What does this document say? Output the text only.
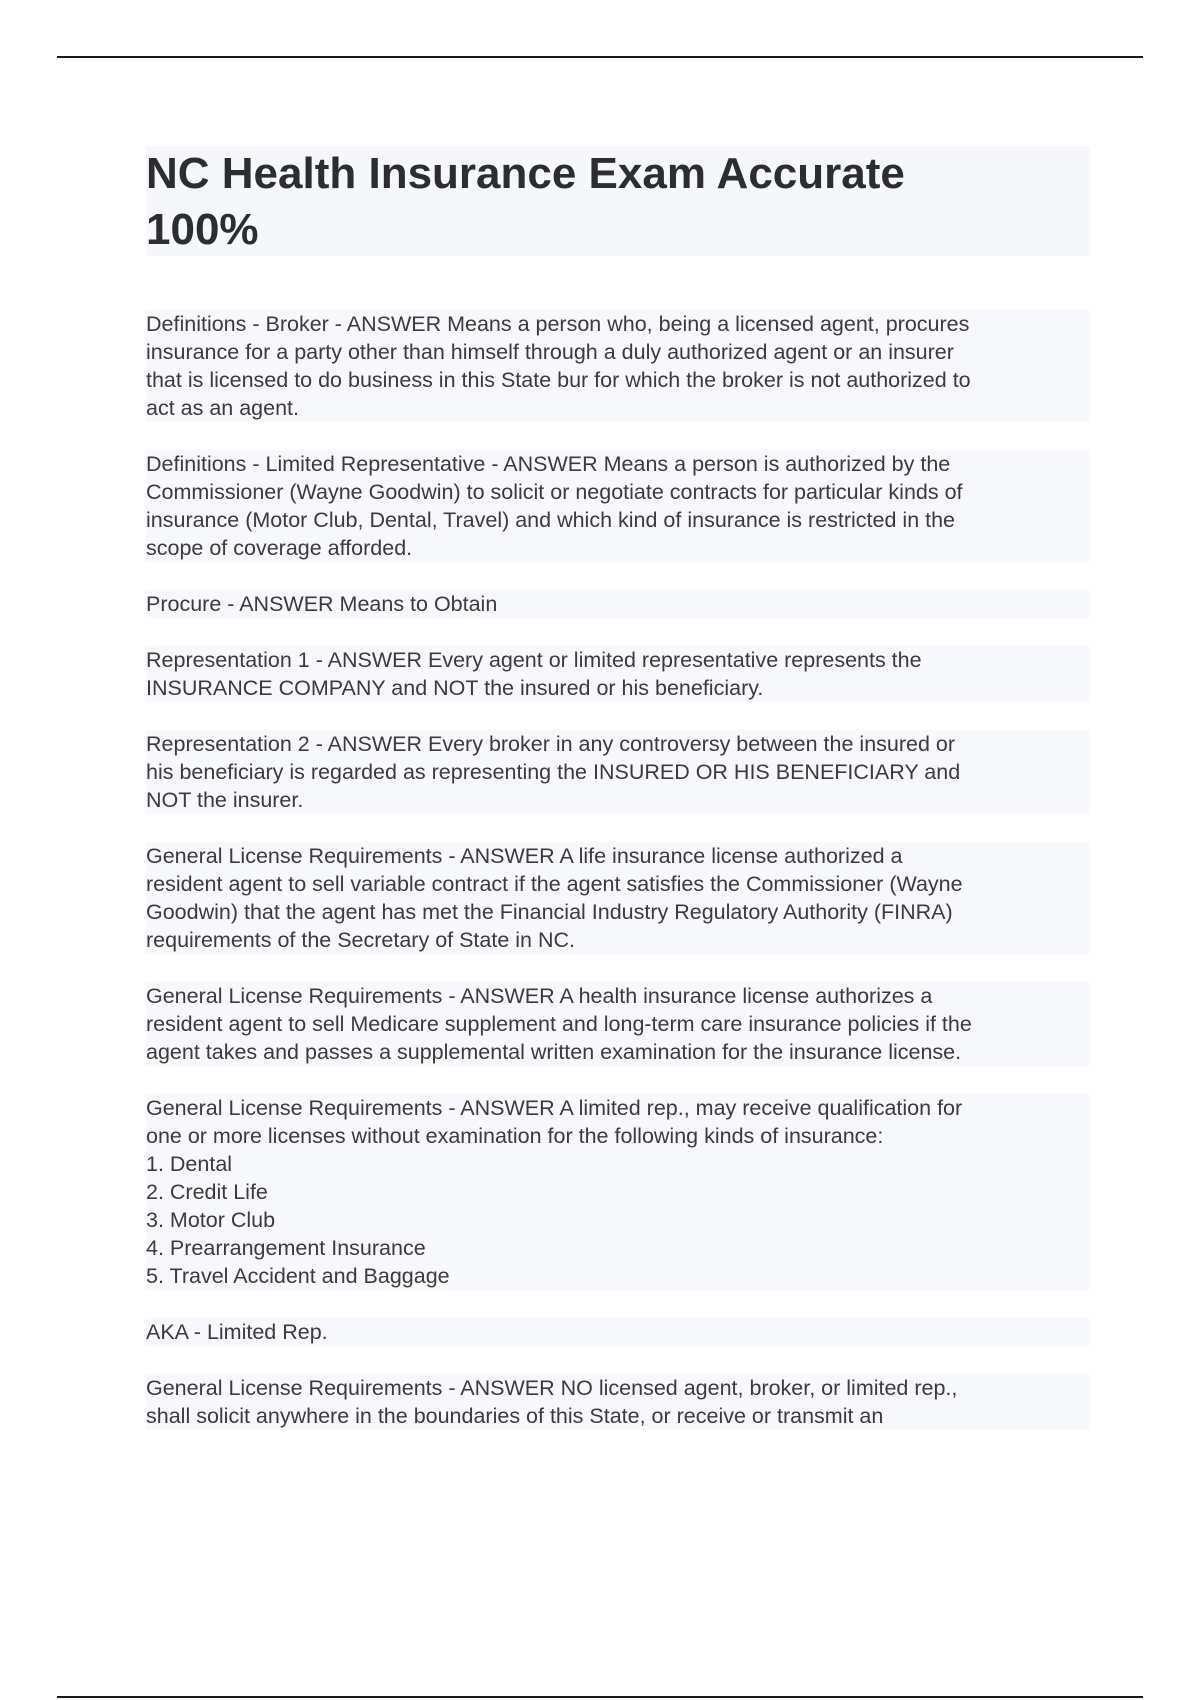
NC Health Insurance Exam Accurate
100%

Definitions - Broker - ANSWER Means a person who, being a licensed agent, procures
insurance for a party other than himself through a duly authorized agent or an insurer
that is licensed to do business in this State bur for which the broker is not authorized to
act as an agent.

Definitions - Limited Representative - ANSWER Means a person is authorized by the
Commissioner (Wayne Goodwin) to solicit or negotiate contracts for particular kinds of
insurance (Motor Club, Dental, Travel) and which kind of insurance is restricted in the
scope of coverage afforded.

Procure - ANSWER Means to Obtain

Representation 1 - ANSWER Every agent or limited representative represents the
INSURANCE COMPANY and NOT the insured or his beneficiary.

Representation 2 - ANSWER Every broker in any controversy between the insured or
his beneficiary is regarded as representing the INSURED OR HIS BENEFICIARY and
NOT the insurer.

General License Requirements - ANSWER A life insurance license authorized a
resident agent to sell variable contract if the agent satisfies the Commissioner (Wayne
Goodwin) that the agent has met the Financial Industry Regulatory Authority (FINRA)
requirements of the Secretary of State in NC.

General License Requirements - ANSWER A health insurance license authorizes a
resident agent to sell Medicare supplement and long-term care insurance policies if the
agent takes and passes a supplemental written examination for the insurance license.

General License Requirements - ANSWER A limited rep., may receive qualification for
one or more licenses without examination for the following kinds of insurance:
1. Dental
2. Credit Life
3. Motor Club
4. Prearrangement Insurance
5. Travel Accident and Baggage

AKA - Limited Rep.

General License Requirements - ANSWER NO licensed agent, broker, or limited rep.,
shall solicit anywhere in the boundaries of this State, or receive or transmit an
